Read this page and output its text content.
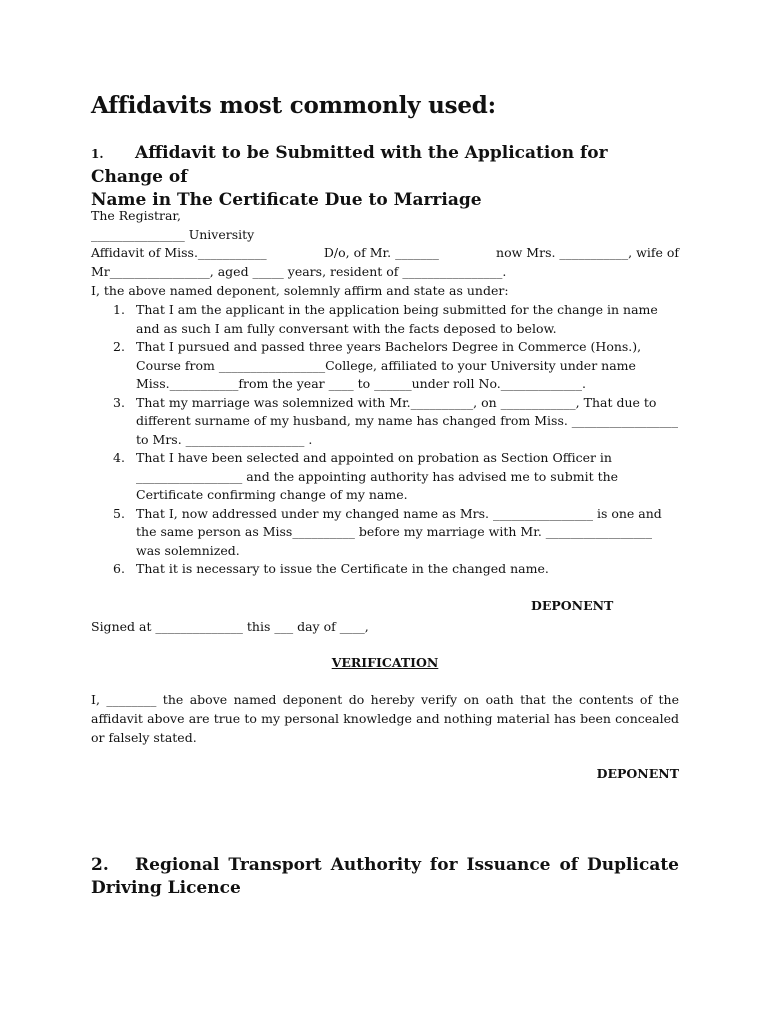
Affidavits most commonly used:
1. Affidavit to be Submitted with the Application for Change of
Name in The Certificate Due to Marriage
The Registrar,
_______________ University
Affidavit of Miss.___________	D/o, of Mr. _______	now Mrs. ___________, wife of
Mr________________, aged _____ years, resident of ________________.
I, the above named deponent, solemnly affirm and state as under:
1. That I am the applicant in the application being submitted for the change in name and as such I am fully conversant with the facts deposed to below.
2. That I pursued and passed three years Bachelors Degree in Commerce (Hons.), Course from _________________College, affiliated to your University under name Miss.___________from the year ____ to ______under roll No._____________.
3. That my marriage was solemnized with Mr.__________, on ____________, That due to different surname of my husband, my name has changed from Miss. _________________ to Mrs. ___________________ .
4. That I have been selected and appointed on probation as Section Officer in _________________ and the appointing authority has advised me to submit the Certificate confirming change of my name.
5. That I, now addressed under my changed name as Mrs. ________________ is one and the same person as Miss__________ before my marriage with Mr. _________________ was solemnized.
6. That it is necessary to issue the Certificate in the changed name.
DEPONENT
Signed at ______________ this ___ day of ____,
VERIFICATION

I, ________ the above named deponent do hereby verify on oath that the contents of the affidavit above are true to my personal knowledge and nothing material has been concealed or falsely stated.

DEPONENT
2. Regional Transport Authority for Issuance of Duplicate Driving Licence
